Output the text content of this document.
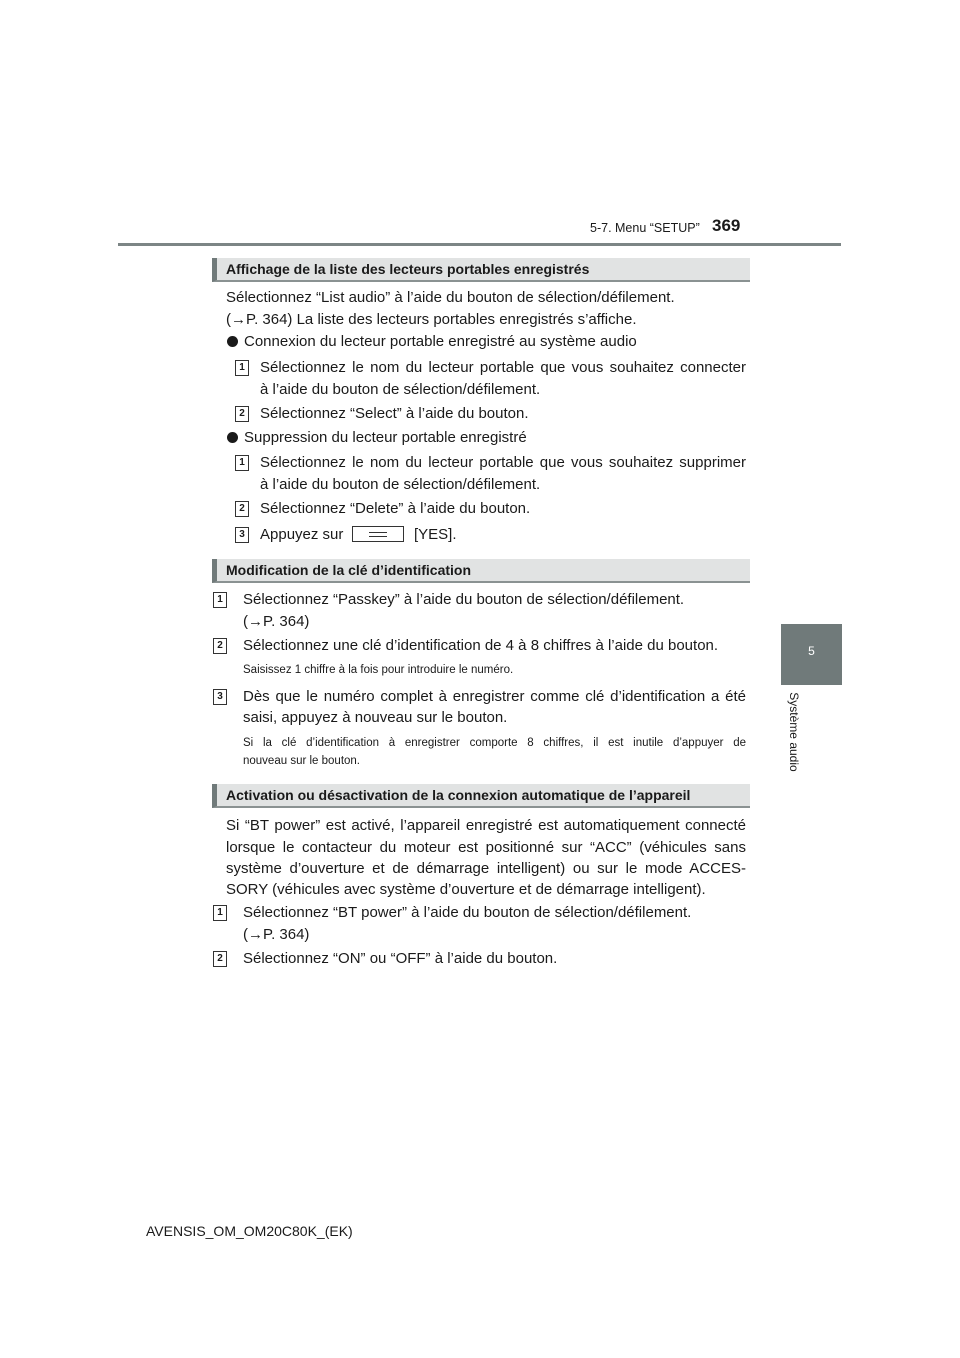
5-7. Menu “SETUP” 369
5
Système audio
Affichage de la liste des lecteurs portables enregistrés
Sélectionnez “List audio” à l’aide du bouton de sélection/défilement.
(→P. 364) La liste des lecteurs portables enregistrés s’affiche.
Connexion du lecteur portable enregistré au système audio
1 Sélectionnez le nom du lecteur portable que vous souhaitez connecter
à l’aide du bouton de sélection/défilement.
2 Sélectionnez “Select” à l’aide du bouton.
Suppression du lecteur portable enregistré
1 Sélectionnez le nom du lecteur portable que vous souhaitez supprimer
à l’aide du bouton de sélection/défilement.
2 Sélectionnez “Delete” à l’aide du bouton.
3 Appuyez sur	[YES].
Modification de la clé d’identification
1 Sélectionnez “Passkey” à l’aide du bouton de sélection/défilement.
(→P. 364)
2 Sélectionnez une clé d’identification de 4 à 8 chiffres à l’aide du bouton.
Saisissez 1 chiffre à la fois pour introduire le numéro.
3 Dès que le numéro complet à enregistrer comme clé d’identification a été
saisi, appuyez à nouveau sur le bouton.
Si la clé d’identification à enregistrer comporte 8 chiffres, il est inutile d’appuyer de
nouveau sur le bouton.
Activation ou désactivation de la connexion automatique de l’appareil
Si “BT power” est activé, l’appareil enregistré est automatiquement connecté
lorsque le contacteur du moteur est positionné sur “ACC” (véhicules sans
système d’ouverture et de démarrage intelligent) ou sur le mode ACCES-
SORY (véhicules avec système d’ouverture et de démarrage intelligent).
1 Sélectionnez “BT power” à l’aide du bouton de sélection/défilement.
(→P. 364)
2 Sélectionnez “ON” ou “OFF” à l’aide du bouton.
AVENSIS_OM_OM20C80K_(EK)
